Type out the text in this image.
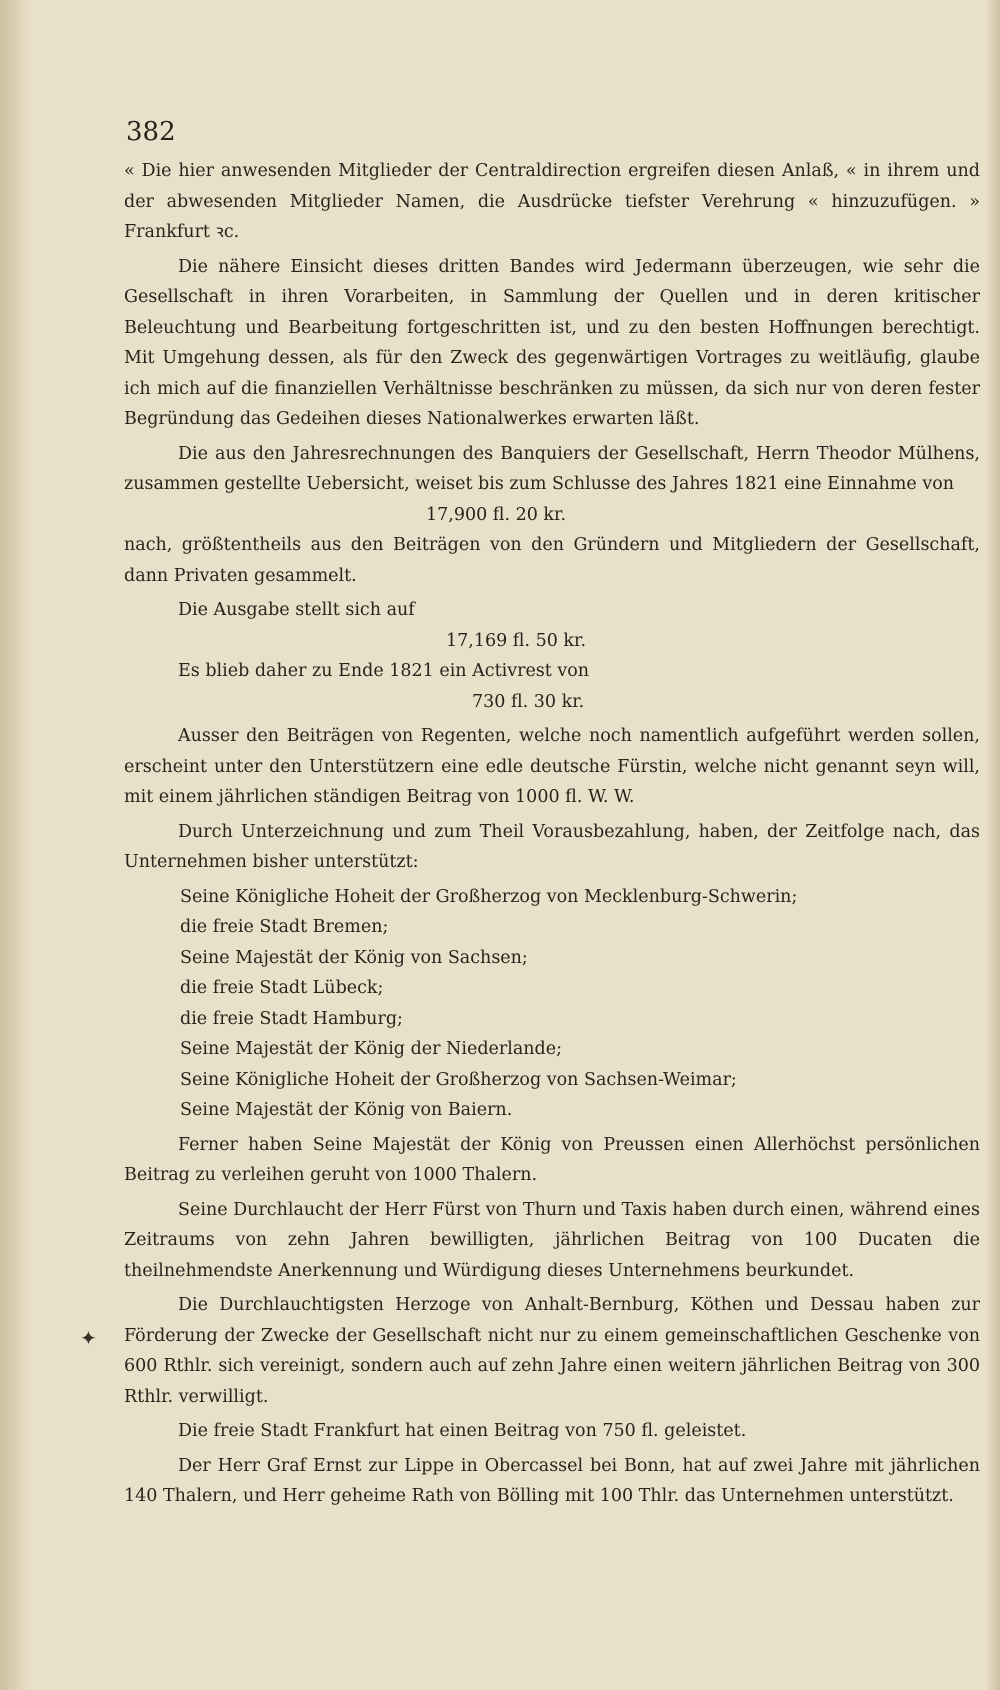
382

« Die hier anwesenden Mitglieder der Centraldirection ergreifen diesen Anlaß, « in ihrem und der abwesenden Mitglieder Namen, die Ausdrücke tiefster Verehrung « hinzuzufügen. » Frankfurt ꝛc.

Die nähere Einsicht dieses dritten Bandes wird Jedermann überzeugen, wie sehr die Gesellschaft in ihren Vorarbeiten, in Sammlung der Quellen und in deren kritischer Beleuchtung und Bearbeitung fortgeschritten ist, und zu den besten Hoffnungen berechtigt. Mit Umgehung dessen, als für den Zweck des gegenwärtigen Vortrages zu weitläufig, glaube ich mich auf die finanziellen Verhältnisse beschränken zu müssen, da sich nur von deren fester Begründung das Gedeihen dieses Nationalwerkes erwarten läßt.

Die aus den Jahresrechnungen des Banquiers der Gesellschaft, Herrn Theodor Mülhens, zusammen gestellte Uebersicht, weiset bis zum Schlusse des Jahres 1821 eine Einnahme von

17,900 fl. 20 kr.

nach, größtentheils aus den Beiträgen von den Gründern und Mitgliedern der Gesellschaft, dann Privaten gesammelt.

Die Ausgabe stellt sich auf

17,169 fl. 50 kr.

Es blieb daher zu Ende 1821 ein Activrest von

730 fl. 30 kr.

Ausser den Beiträgen von Regenten, welche noch namentlich aufgeführt werden sollen, erscheint unter den Unterstützern eine edle deutsche Fürstin, welche nicht genannt seyn will, mit einem jährlichen ständigen Beitrag von 1000 fl. W. W.

Durch Unterzeichnung und zum Theil Vorausbezahlung, haben, der Zeitfolge nach, das Unternehmen bisher unterstützt:

Seine Königliche Hoheit der Großherzog von Mecklenburg-Schwerin;
die freie Stadt Bremen;
Seine Majestät der König von Sachsen;
die freie Stadt Lübeck;
die freie Stadt Hamburg;
Seine Majestät der König der Niederlande;
Seine Königliche Hoheit der Großherzog von Sachsen-Weimar;
Seine Majestät der König von Baiern.

Ferner haben Seine Majestät der König von Preussen einen Allerhöchst persönlichen Beitrag zu verleihen geruht von 1000 Thalern.

Seine Durchlaucht der Herr Fürst von Thurn und Taxis haben durch einen, während eines Zeitraums von zehn Jahren bewilligten, jährlichen Beitrag von 100 Ducaten die theilnehmendste Anerkennung und Würdigung dieses Unternehmens beurkundet.

Die Durchlauchtigsten Herzoge von Anhalt-Bernburg, Köthen und Dessau haben zur Förderung der Zwecke der Gesellschaft nicht nur zu einem gemeinschaftlichen Geschenke von 600 Rthlr. sich vereinigt, sondern auch auf zehn Jahre einen weitern jährlichen Beitrag von 300 Rthlr. verwilligt.

Die freie Stadt Frankfurt hat einen Beitrag von 750 fl. geleistet.

Der Herr Graf Ernst zur Lippe in Obercassel bei Bonn, hat auf zwei Jahre mit jährlichen 140 Thalern, und Herr geheime Rath von Bölling mit 100 Thlr. das Unternehmen unterstützt.

✦
